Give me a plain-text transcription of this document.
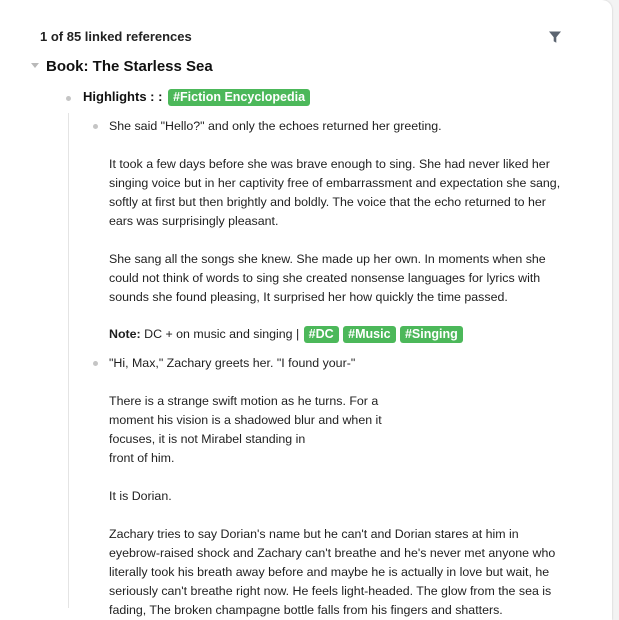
1 of 85 linked references
Book: The Starless Sea
Highlights : : #Fiction Encyclopedia

She said "Hello?" and only the echoes returned her greeting.

It took a few days before she was brave enough to sing. She had never liked her singing voice but in her captivity free of embarrassment and expectation she sang, softly at first but then brightly and boldly. The voice that the echo returned to her ears was surprisingly pleasant.

She sang all the songs she knew. She made up her own. In moments when she could not think of words to sing she created nonsense languages for lyrics with sounds she found pleasing, It surprised her how quickly the time passed.

Note: DC + on music and singing | #DC #Music #Singing

"Hi, Max," Zachary greets her. "I found your-"

There is a strange swift motion as he turns. For a moment his vision is a shadowed blur and when it focuses, it is not Mirabel standing in
front of him.

It is Dorian.

Zachary tries to say Dorian's name but he can't and Dorian stares at him in eyebrow-raised shock and Zachary can't breathe and he's never met anyone who literally took his breath away before and maybe he is actually in love but wait, he seriously can't breathe right now. He feels light-headed. The glow from the sea is fading, The broken champagne bottle falls from his fingers and shatters.
